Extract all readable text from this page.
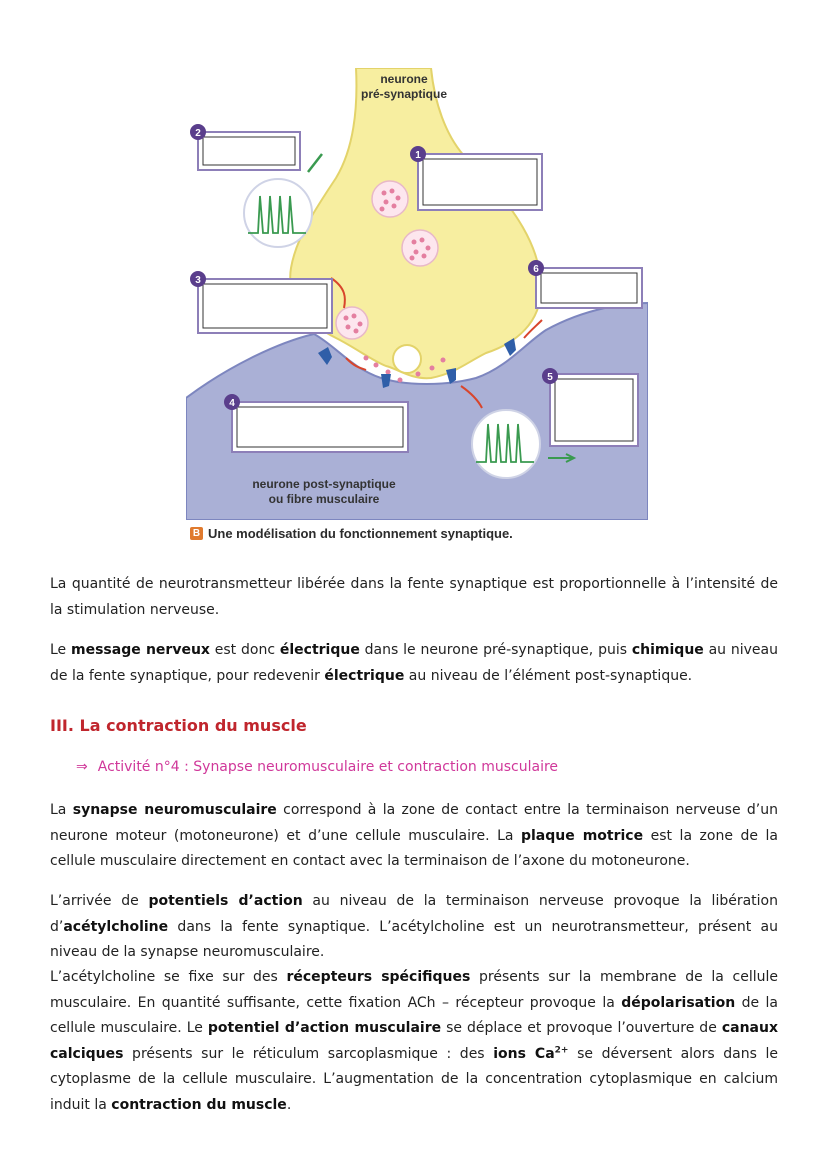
neurone
pré-synaptique
neurone post-synaptique
ou fibre musculaire
1
2
3
4
5
6
B Une modélisation du fonctionnement synaptique.

La quantité de neurotransmetteur libérée dans la fente synaptique est proportionnelle à l’intensité de la stimulation nerveuse.

Le message nerveux est donc électrique dans le neurone pré-synaptique, puis chimique au niveau de la fente synaptique, pour redevenir électrique au niveau de l’élément post-synaptique.

III. La contraction du muscle
⇒ Activité n°4 : Synapse neuromusculaire et contraction musculaire

La synapse neuromusculaire correspond à la zone de contact entre la terminaison nerveuse d’un neurone moteur (motoneurone) et d’une cellule musculaire. La plaque motrice est la zone de la cellule musculaire directement en contact avec la terminaison de l’axone du motoneurone.

L’arrivée de potentiels d’action au niveau de la terminaison nerveuse provoque la libération d’acétylcholine dans la fente synaptique. L’acétylcholine est un neurotransmetteur, présent au niveau de la synapse neuromusculaire.

L’acétylcholine se fixe sur des récepteurs spécifiques présents sur la membrane de la cellule musculaire. En quantité suffisante, cette fixation ACh – récepteur provoque la dépolarisation de la cellule musculaire. Le potentiel d’action musculaire se déplace et provoque l’ouverture de canaux calciques présents sur le réticulum sarcoplasmique : des ions $Ca^{2+}$ se déversent alors dans le cytoplasme de la cellule musculaire. L’augmentation de la concentration cytoplasmique en calcium induit la contraction du muscle.
